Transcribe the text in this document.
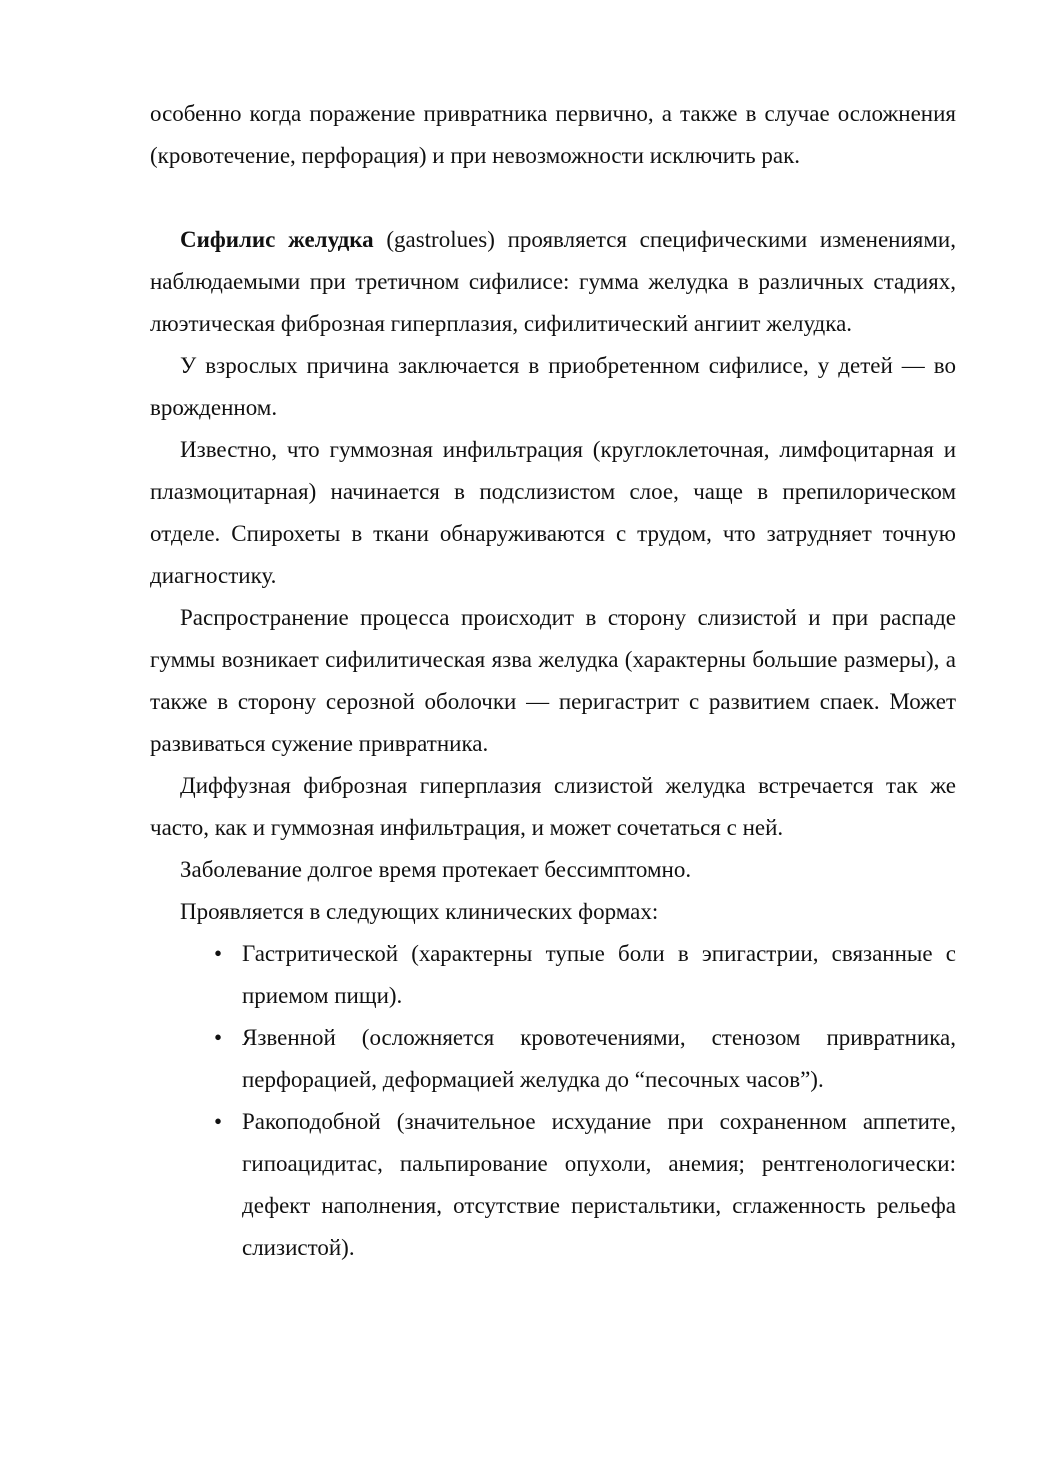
особенно когда поражение привратника первично, а также в случае осложнения (кровотечение, перфорация) и при невозможности исключить рак.

Сифилис желудка (gastrolues) проявляется специфическими изменениями, наблюдаемыми при третичном сифилисе: гумма желудка в различных стадиях, люэтическая фиброзная гиперплазия, сифилитический ангиит желудка.

У взрослых причина заключается в приобретенном сифилисе, у детей — во врожденном.

Известно, что гуммозная инфильтрация (круглоклеточная, лимфоцитарная и плазмоцитарная) начинается в подслизистом слое, чаще в препилорическом отделе. Спирохеты в ткани обнаруживаются с трудом, что затрудняет точную диагностику.

Распространение процесса происходит в сторону слизистой и при распаде гуммы возникает сифилитическая язва желудка (характерны большие размеры), а также в сторону серозной оболочки — перигастрит с развитием спаек. Может развиваться сужение привратника.

Диффузная фиброзная гиперплазия слизистой желудка встречается так же часто, как и гуммозная инфильтрация, и может сочетаться с ней.

Заболевание долгое время протекает бессимптомно.

Проявляется в следующих клинических формах:

• Гастритической (характерны тупые боли в эпигастрии, связанные с приемом пищи).
• Язвенной (осложняется кровотечениями, стенозом привратника, перфорацией, деформацией желудка до “песочных часов”).
• Ракоподобной (значительное исхудание при сохраненном аппетите, гипоацидитас, пальпирование опухоли, анемия; рентгенологически: дефект наполнения, отсутствие перистальтики, сглаженность рельефа слизистой).
